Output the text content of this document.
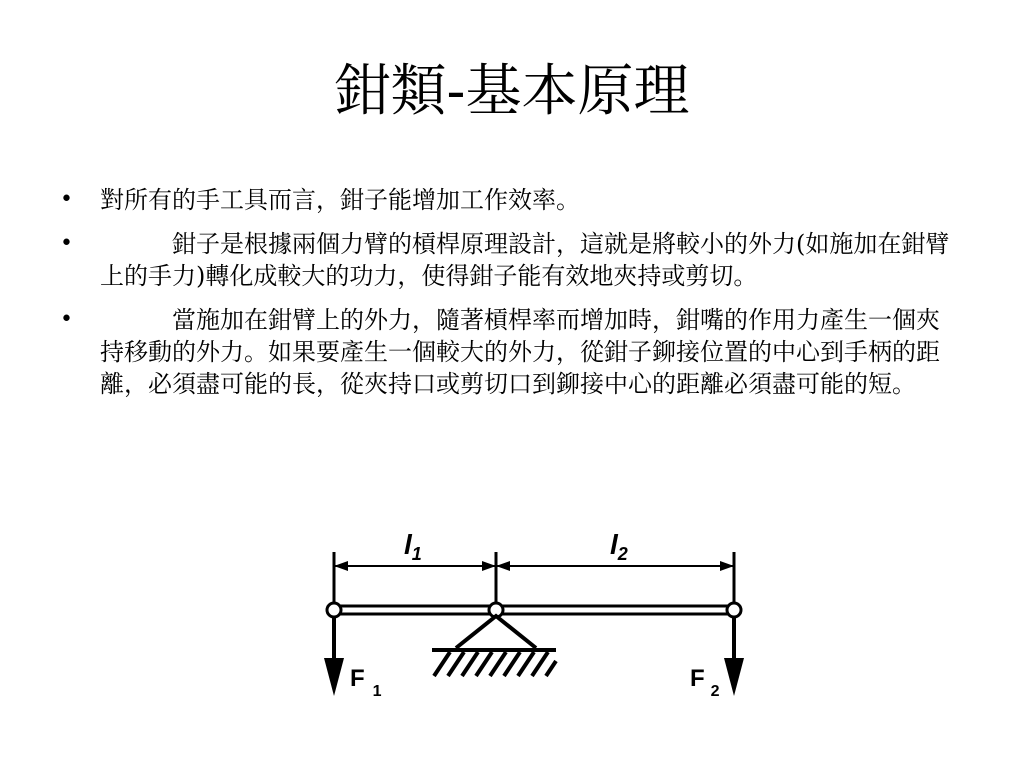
鉗類-基本原理
• 對所有的手工具而言，鉗子能增加工作效率。
•	鉗子是根據兩個力臂的槓桿原理設計，這就是將較小的外力(如施加在鉗臂上的手力)轉化成較大的功力，使得鉗子能有效地夾持或剪切。
•	當施加在鉗臂上的外力，隨著槓桿率而增加時，鉗嘴的作用力產生一個夾持移動的外力。如果要產生一個較大的外力，從鉗子鉚接位置的中心到手柄的距離，必須盡可能的長，從夾持口或剪切口到鉚接中心的距離必須盡可能的短。
$l_1$	$l_2$
F $_1$	F $_2$
